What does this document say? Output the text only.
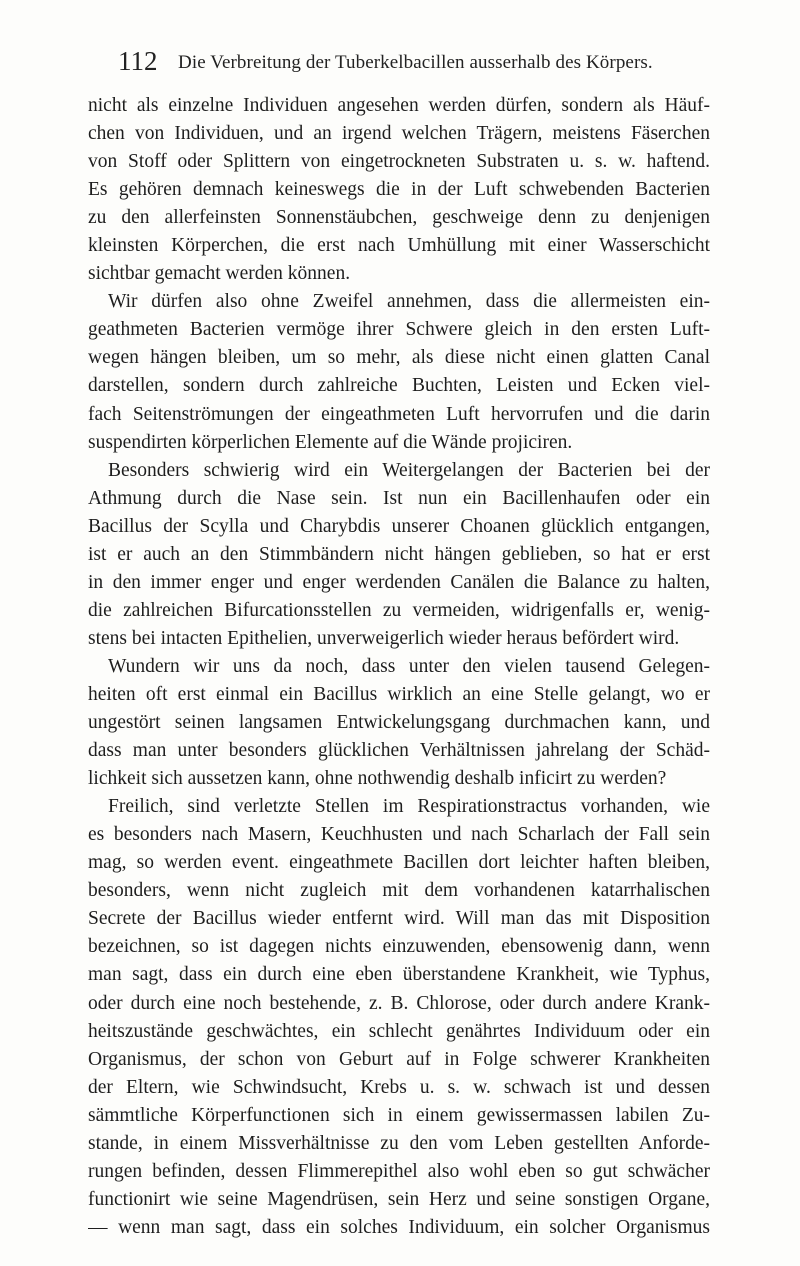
112 Die Verbreitung der Tuberkelbacillen ausserhalb des Körpers.
nicht als einzelne Individuen angesehen werden dürfen, sondern als Häuf-
chen von Individuen, und an irgend welchen Trägern, meistens Fäserchen
von Stoff oder Splittern von eingetrockneten Substraten u. s. w. haftend.
Es gehören demnach keineswegs die in der Luft schwebenden Bacterien
zu den allerfeinsten Sonnenstäubchen, geschweige denn zu denjenigen
kleinsten Körperchen, die erst nach Umhüllung mit einer Wasserschicht
sichtbar gemacht werden können.
Wir dürfen also ohne Zweifel annehmen, dass die allermeisten ein-
geathmeten Bacterien vermöge ihrer Schwere gleich in den ersten Luft-
wegen hängen bleiben, um so mehr, als diese nicht einen glatten Canal
darstellen, sondern durch zahlreiche Buchten, Leisten und Ecken viel-
fach Seitenströmungen der eingeathmeten Luft hervorrufen und die darin
suspendirten körperlichen Elemente auf die Wände projiciren.
Besonders schwierig wird ein Weitergelangen der Bacterien bei der
Athmung durch die Nase sein. Ist nun ein Bacillenhaufen oder ein
Bacillus der Scylla und Charybdis unserer Choanen glücklich entgangen,
ist er auch an den Stimmbändern nicht hängen geblieben, so hat er erst
in den immer enger und enger werdenden Canälen die Balance zu halten,
die zahlreichen Bifurcationsstellen zu vermeiden, widrigenfalls er, wenig-
stens bei intacten Epithelien, unverweigerlich wieder heraus befördert wird.
Wundern wir uns da noch, dass unter den vielen tausend Gelegen-
heiten oft erst einmal ein Bacillus wirklich an eine Stelle gelangt, wo er
ungestört seinen langsamen Entwickelungsgang durchmachen kann, und
dass man unter besonders glücklichen Verhältnissen jahrelang der Schäd-
lichkeit sich aussetzen kann, ohne nothwendig deshalb inficirt zu werden?
Freilich, sind verletzte Stellen im Respirationstractus vorhanden, wie
es besonders nach Masern, Keuchhusten und nach Scharlach der Fall sein
mag, so werden event. eingeathmete Bacillen dort leichter haften bleiben,
besonders, wenn nicht zugleich mit dem vorhandenen katarrhalischen
Secrete der Bacillus wieder entfernt wird. Will man das mit Disposition
bezeichnen, so ist dagegen nichts einzuwenden, ebensowenig dann, wenn
man sagt, dass ein durch eine eben überstandene Krankheit, wie Typhus,
oder durch eine noch bestehende, z. B. Chlorose, oder durch andere Krank-
heitszustände geschwächtes, ein schlecht genährtes Individuum oder ein
Organismus, der schon von Geburt auf in Folge schwerer Krankheiten
der Eltern, wie Schwindsucht, Krebs u. s. w. schwach ist und dessen
sämmtliche Körperfunctionen sich in einem gewissermassen labilen Zu-
stande, in einem Missverhältnisse zu den vom Leben gestellten Anforde-
rungen befinden, dessen Flimmerepithel also wohl eben so gut schwächer
functionirt wie seine Magendrüsen, sein Herz und seine sonstigen Organe,
— wenn man sagt, dass ein solches Individuum, ein solcher Organismus
